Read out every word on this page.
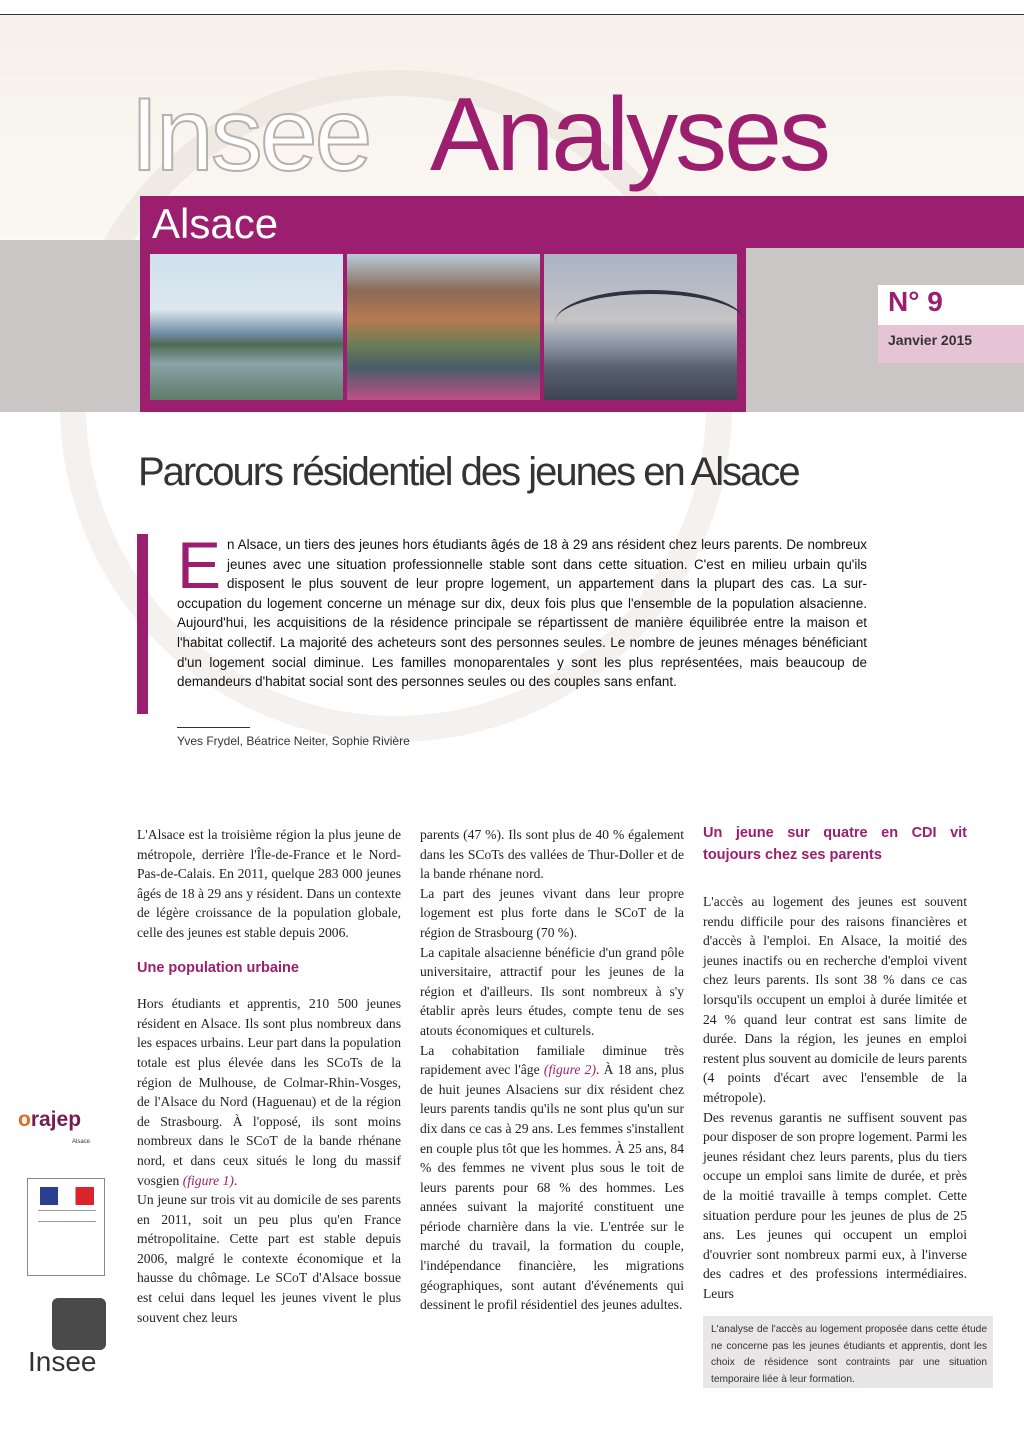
Insee Analyses
Alsace
N° 9
Janvier 2015
Parcours résidentiel des jeunes en Alsace
En Alsace, un tiers des jeunes hors étudiants âgés de 18 à 29 ans résident chez leurs parents. De nombreux jeunes avec une situation professionnelle stable sont dans cette situation. C'est en milieu urbain qu'ils disposent le plus souvent de leur propre logement, un appartement dans la plupart des cas. La sur-occupation du logement concerne un ménage sur dix, deux fois plus que l'ensemble de la population alsacienne. Aujourd'hui, les acquisitions de la résidence principale se répartissent de manière équilibrée entre la maison et l'habitat collectif. La majorité des acheteurs sont des personnes seules. Le nombre de jeunes ménages bénéficiant d'un logement social diminue. Les familles monoparentales y sont les plus représentées, mais beaucoup de demandeurs d'habitat social sont des personnes seules ou des couples sans enfant.
Yves Frydel, Béatrice Neiter, Sophie Rivière

L'Alsace est la troisième région la plus jeune de métropole, derrière l'Île-de-France et le Nord-Pas-de-Calais. En 2011, quelque 283 000 jeunes âgés de 18 à 29 ans y résident. Dans un contexte de légère croissance de la population globale, celle des jeunes est stable depuis 2006.

Une population urbaine

Hors étudiants et apprentis, 210 500 jeunes résident en Alsace. Ils sont plus nombreux dans les espaces urbains. Leur part dans la population totale est plus élevée dans les SCoTs de la région de Mulhouse, de Colmar-Rhin-Vosges, de l'Alsace du Nord (Haguenau) et de la région de Strasbourg. À l'opposé, ils sont moins nombreux dans le SCoT de la bande rhénane nord, et dans ceux situés le long du massif vosgien (figure 1).

Un jeune sur trois vit au domicile de ses parents en 2011, soit un peu plus qu'en France métropolitaine. Cette part est stable depuis 2006, malgré le contexte économique et la hausse du chômage. Le SCoT d'Alsace bossue est celui dans lequel les jeunes vivent le plus souvent chez leurs

parents (47 %). Ils sont plus de 40 % également dans les SCoTs des vallées de Thur-Doller et de la bande rhénane nord.

La part des jeunes vivant dans leur propre logement est plus forte dans le SCoT de la région de Strasbourg (70 %).

La capitale alsacienne bénéficie d'un grand pôle universitaire, attractif pour les jeunes de la région et d'ailleurs. Ils sont nombreux à s'y établir après leurs études, compte tenu de ses atouts économiques et culturels.

La cohabitation familiale diminue très rapidement avec l'âge (figure 2). À 18 ans, plus de huit jeunes Alsaciens sur dix résident chez leurs parents tandis qu'ils ne sont plus qu'un sur dix dans ce cas à 29 ans. Les femmes s'installent en couple plus tôt que les hommes. À 25 ans, 84 % des femmes ne vivent plus sous le toit de leurs parents pour 68 % des hommes. Les années suivant la majorité constituent une période charnière dans la vie. L'entrée sur le marché du travail, la formation du couple, l'indépendance financière, les migrations géographiques, sont autant d'événements qui dessinent le profil résidentiel des jeunes adultes.

Un jeune sur quatre en CDI vit toujours chez ses parents

L'accès au logement des jeunes est souvent rendu difficile pour des raisons financières et d'accès à l'emploi. En Alsace, la moitié des jeunes inactifs ou en recherche d'emploi vivent chez leurs parents. Ils sont 38 % dans ce cas lorsqu'ils occupent un emploi à durée limitée et 24 % quand leur contrat est sans limite de durée. Dans la région, les jeunes en emploi restent plus souvent au domicile de leurs parents (4 points d'écart avec l'ensemble de la métropole).

Des revenus garantis ne suffisent souvent pas pour disposer de son propre logement. Parmi les jeunes résidant chez leurs parents, plus du tiers occupe un emploi sans limite de durée, et près de la moitié travaille à temps complet. Cette situation perdure pour les jeunes de plus de 25 ans. Les jeunes qui occupent un emploi d'ouvrier sont nombreux parmi eux, à l'inverse des cadres et des professions intermédiaires. Leurs

L'analyse de l'accès au logement proposée dans cette étude ne concerne pas les jeunes étudiants et apprentis, dont les choix de résidence sont contraints par une situation temporaire liée à leur formation.
orajep
Alsace
Insee
